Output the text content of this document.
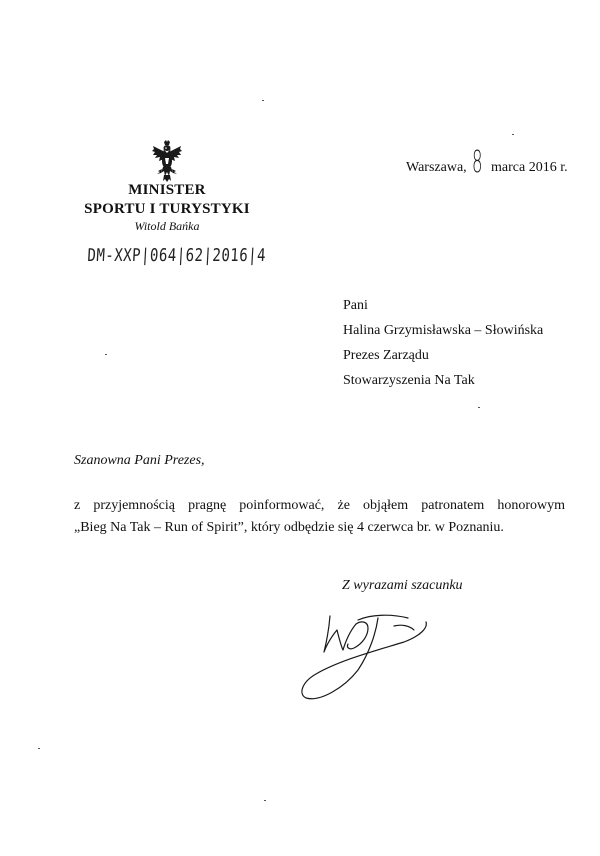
MINISTER
SPORTU I TURYSTYKI
Witold Bańka
DM-XXP|064|62|2016|4
Warszawa, 8 marca 2016 r.
Pani
Halina Grzymisławska – Słowińska
Prezes Zarządu
Stowarzyszenia Na Tak
Szanowna Pani Prezes,
z przyjemnością pragnę poinformować, że objąłem patronatem honorowym
„Bieg Na Tak – Run of Spirit”, który odbędzie się 4 czerwca br. w Poznaniu.
Z wyrazami szacunku
